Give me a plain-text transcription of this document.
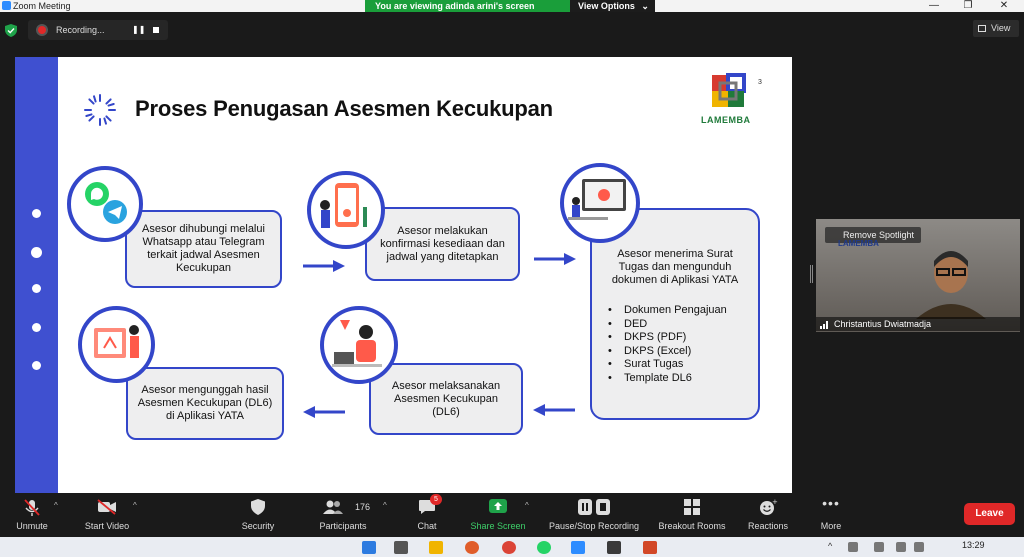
Zoom Meeting	—	❐	✕
You are viewing adinda arini's screen	View Options ⌄
Recording...	❚❚	View
Proses Penugasan Asesmen Kecukupan	LAMEMBA
3
Asesor dihubungi melalui Whatsapp atau Telegram terkait jadwal Asesmen Kecukupan
Asesor melakukan konfirmasi kesediaan dan jadwal yang ditetapkan	Asesor menerima Surat Tugas dan mengunduh dokumen di Aplikasi YATA
• Dokumen Pengajuan
• DED
• DKPS (PDF)
• DKPS (Excel)
• Surat Tugas
• Template DL6
Asesor melaksanakan Asesmen Kecukupan (DL6)
Asesor mengunggah hasil Asesmen Kecukupan (DL6) di Aplikasi YATA
Remove Spotlight
LAMEMBA
Christantius Dwiatmadja
Unmute
^
Start Video
^
Security
176
Participants
^
Chat	Share Screen
^
Pause/Stop Recording	Breakout Rooms
+
Reactions
•••
More
5
Leave
^	13:29
